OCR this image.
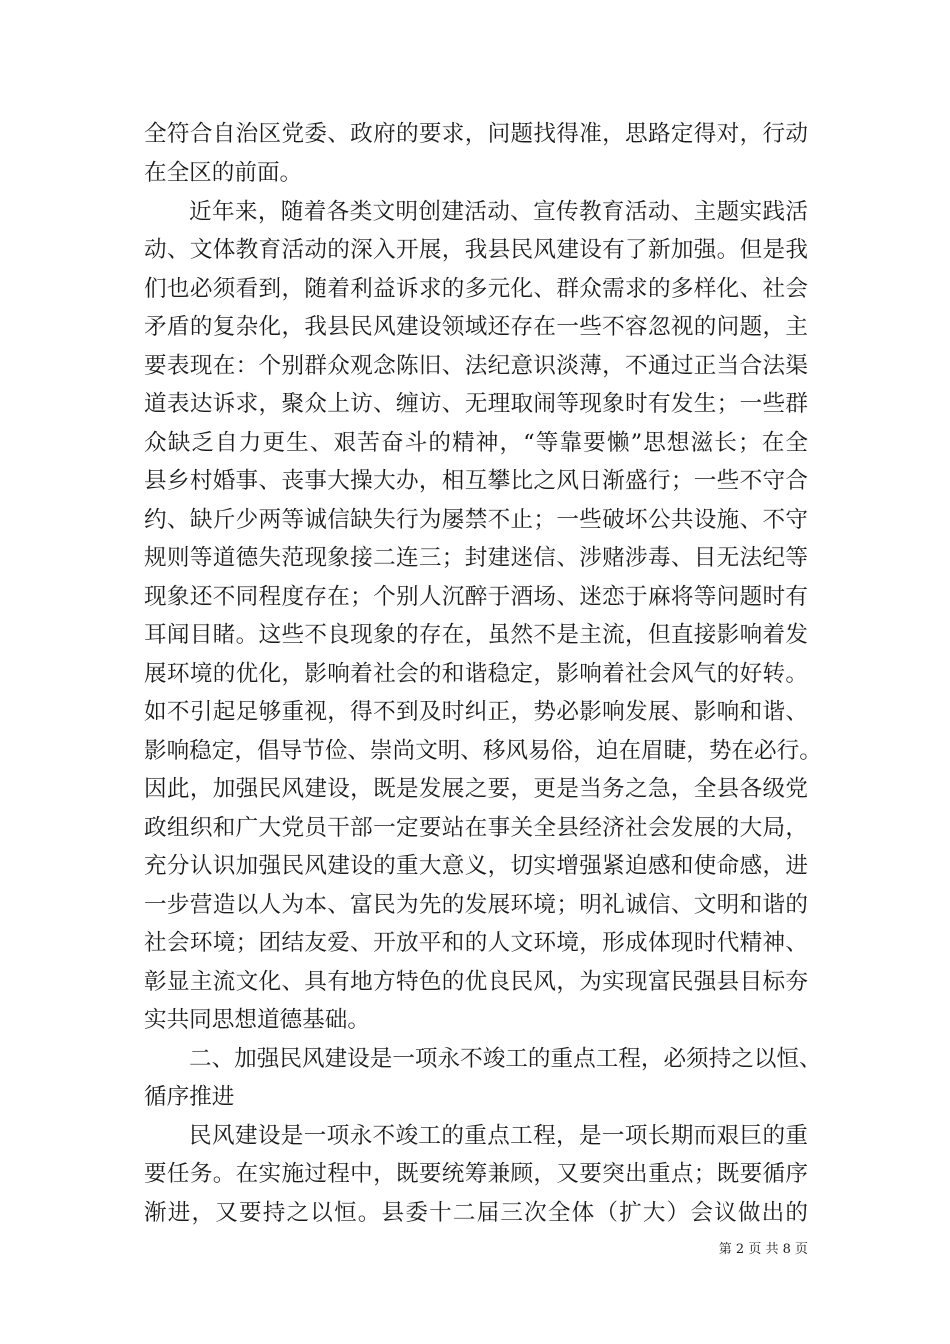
全符合自治区党委、政府的要求，问题找得准，思路定得对，行动
在全区的前面。
近年来，随着各类文明创建活动、宣传教育活动、主题实践活
动、文体教育活动的深入开展，我县民风建设有了新加强。但是我
们也必须看到，随着利益诉求的多元化、群众需求的多样化、社会
矛盾的复杂化，我县民风建设领域还存在一些不容忽视的问题，主
要表现在：个别群众观念陈旧、法纪意识淡薄，不通过正当合法渠
道表达诉求，聚众上访、缠访、无理取闹等现象时有发生；一些群
众缺乏自力更生、艰苦奋斗的精神，“等靠要懒”思想滋长；在全
县乡村婚事、丧事大操大办，相互攀比之风日渐盛行；一些不守合
约、缺斤少两等诚信缺失行为屡禁不止；一些破坏公共设施、不守
规则等道德失范现象接二连三；封建迷信、涉赌涉毒、目无法纪等
现象还不同程度存在；个别人沉醉于酒场、迷恋于麻将等问题时有
耳闻目睹。这些不良现象的存在，虽然不是主流，但直接影响着发
展环境的优化，影响着社会的和谐稳定，影响着社会风气的好转。
如不引起足够重视，得不到及时纠正，势必影响发展、影响和谐、
影响稳定，倡导节俭、崇尚文明、移风易俗，迫在眉睫，势在必行。
因此，加强民风建设，既是发展之要，更是当务之急，全县各级党
政组织和广大党员干部一定要站在事关全县经济社会发展的大局，
充分认识加强民风建设的重大意义，切实增强紧迫感和使命感，进
一步营造以人为本、富民为先的发展环境；明礼诚信、文明和谐的
社会环境；团结友爱、开放平和的人文环境，形成体现时代精神、
彰显主流文化、具有地方特色的优良民风，为实现富民强县目标夯
实共同思想道德基础。
二、加强民风建设是一项永不竣工的重点工程，必须持之以恒、
循序推进
民风建设是一项永不竣工的重点工程，是一项长期而艰巨的重
要任务。在实施过程中，既要统筹兼顾，又要突出重点；既要循序
渐进，又要持之以恒。县委十二届三次全体（扩大）会议做出的
第 2 页 共 8 页
